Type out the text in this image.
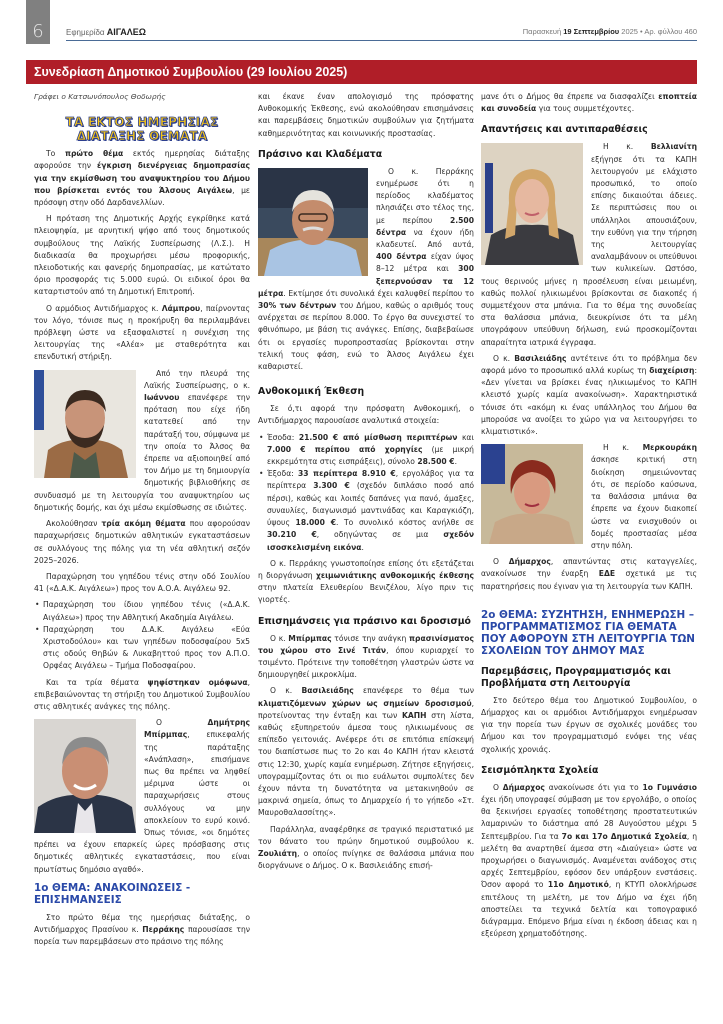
6	Εφημερίδα ΑΙΓΑΛΕΩ	Παρασκευή 19 Σεπτεμβρίου 2025 • Αρ. φύλλου 460
Συνεδρίαση Δημοτικού Συμβουλίου (29 Ιουλίου 2025)
Γράφει ο Κατσωνόπουλος Θοδωρής
ΤΑ ΕΚΤΟΣ ΗΜΕΡΗΣΙΑΣ ΔΙΑΤΑΞΗΣ ΘΕΜΑΤΑ

Το πρώτο θέμα εκτός ημερησίας διάταξης αφορούσε την έγκριση διενέργειας δημοπρασίας για την εκμίσθωση του αναψυκτηρίου του Δήμου που βρίσκεται εντός του Άλσους Αιγάλεω, με πρόσοψη στην οδό Δαρδανελλίων.

Η πρόταση της Δημοτικής Αρχής εγκρίθηκε κατά πλειοψηφία, με αρνητική ψήφο από τους δημοτικούς συμβούλους της Λαϊκής Συσπείρωσης (Λ.Σ.). Η διαδικασία θα προχωρήσει μέσω προφορικής, πλειοδοτικής και φανερής δημοπρασίας, με κατώτατο όριο προσφοράς τις 5.000 ευρώ. Οι ειδικοί όροι θα καταρτιστούν από τη Δημοτική Επιτροπή.

Ο αρμόδιος Αντιδήμαρχος κ. Λάμπρου, παίρνοντας τον λόγο, τόνισε πως η προκήρυξη θα περιλαμβάνει πρόβλεψη ώστε να εξασφαλιστεί η συνέχιση της λειτουργίας της «Αλέα» με σταθερότητα και επενδυτική στήριξη.

Από την πλευρά της Λαϊκής Συσπείρωσης, ο κ. Ιωάννου επανέφερε την πρόταση που είχε ήδη κατατεθεί από την παράταξή του, σύμφωνα με την οποία το Άλσος θα έπρεπε να αξιοποιηθεί από τον Δήμο με τη δημιουργία δημοτικής βιβλιοθήκης σε συνδυασμό με τη λειτουργία του αναψυκτηρίου ως δημοτικής δομής, και όχι μέσω εκμίσθωσης σε ιδιώτες.

Ακολούθησαν τρία ακόμη θέματα που αφορούσαν παραχωρήσεις δημοτικών αθλητικών εγκαταστάσεων σε συλλόγους της πόλης για τη νέα αθλητική σεζόν 2025–2026.

Παραχώρηση του γηπέδου τένις στην οδό Σουλίου 41 («Δ.Α.Κ. Αιγάλεω») προς τον Α.Ο.Α. Αιγάλεω 92.

• Παραχώρηση του ίδιου γηπέδου τένις («Δ.Α.Κ. Αιγάλεω») προς την Αθλητική Ακαδημία Αιγάλεω.
• Παραχώρηση του Δ.Α.Κ. Αιγάλεω «Εύα Χριστοδούλου» και των γηπέδων ποδοσφαίρου 5x5 στις οδούς Θηβών & Λυκαβηττού προς τον Α.Π.Ο. Ορφέας Αιγάλεω – Τμήμα Ποδοσφαίρου.

Και τα τρία θέματα ψηφίστηκαν ομόφωνα, επιβεβαιώνοντας τη στήριξη του Δημοτικού Συμβουλίου στις αθλητικές ανάγκες της πόλης.

Ο Δημήτρης Μπίρμπας, επικεφαλής της παράταξης «Ανάπλαση», επισήμανε πως θα πρέπει να ληφθεί μέριμνα ώστε οι παραχωρήσεις στους συλλόγους να μην αποκλείουν το ευρύ κοινό. Όπως τόνισε, «οι δημότες πρέπει να έχουν επαρκείς ώρες πρόσβασης στις δημοτικές αθλητικές εγκαταστάσεις, που είναι πρωτίστως δημόσιο αγαθό».

1ο ΘΕΜΑ: ΑΝΑΚΟΙΝΩΣΕΙΣ - ΕΠΙΣΗΜΑΝΣΕΙΣ

Στο πρώτο θέμα της ημερήσιας διάταξης, ο Αντιδήμαρχος Πρασίνου κ. Περράκης παρουσίασε την πορεία των παρεμβάσεων στο πράσινο της πόλης

και έκανε έναν απολογισμό της πρόσφατης Ανθοκομικής Έκθεσης, ενώ ακολούθησαν επισημάνσεις και παρεμβάσεις δημοτικών συμβούλων για ζητήματα καθημερινότητας και κοινωνικής προστασίας.

Πράσινο και Κλαδέματα

Ο κ. Περράκης ενημέρωσε ότι η περίοδος κλαδέματος πλησιάζει στο τέλος της, με περίπου 2.500 δέντρα να έχουν ήδη κλαδευτεί. Από αυτά, 400 δέντρα είχαν ύψος 8–12 μέτρα και 300 ξεπερνούσαν τα 12 μέτρα. Εκτίμησε ότι συνολικά έχει καλυφθεί περίπου το 30% των δέντρων του Δήμου, καθώς ο αριθμός τους ανέρχεται σε περίπου 8.000. Το έργο θα συνεχιστεί το φθινόπωρο, με βάση τις ανάγκες. Επίσης, διαβεβαίωσε ότι οι εργασίες πυροπροστασίας βρίσκονται στην τελική τους φάση, ενώ το Άλσος Αιγάλεω έχει καθαριστεί.

Ανθοκομική Έκθεση

Σε ό,τι αφορά την πρόσφατη Ανθοκομική, ο Αντιδήμαρχος παρουσίασε αναλυτικά στοιχεία:

• Έσοδα: 21.500 € από μίσθωση περιπτέρων και 7.000 € περίπου από χορηγίες (με μικρή εκκρεμότητα στις εισπράξεις), σύνολο 28.500 €.
• Έξοδα: 33 περίπτερα 8.910 €, εργολάβος για τα περίπτερα 3.300 € (σχεδόν διπλάσιο ποσό από πέρσι), καθώς και λοιπές δαπάνες για πανό, άμαξες, συναυλίες, διαγωνισμό μαντινάδας και Καραγκιόζη, ύψους 18.000 €. Το συνολικό κόστος ανήλθε σε 30.210 €, οδηγώντας σε μια σχεδόν ισοσκελισμένη εικόνα.

Ο κ. Περράκης γνωστοποίησε επίσης ότι εξετάζεται η διοργάνωση χειμωνιάτικης ανθοκομικής έκθεσης στην πλατεία Ελευθερίου Βενιζέλου, λίγο πριν τις γιορτές.

Επισημάνσεις για πράσινο και δροσισμό

Ο κ. Μπίρμπας τόνισε την ανάγκη πρασινίσματος του χώρου στο Σινέ Τιτάν, όπου κυριαρχεί το τσιμέντο. Πρότεινε την τοποθέτηση γλαστρών ώστε να δημιουργηθεί μικροκλίμα.

Ο κ. Βασιλειάδης επανέφερε το θέμα των κλιματιζόμενων χώρων ως σημείων δροσισμού, προτείνοντας την ένταξη και των ΚΑΠΗ στη λίστα, καθώς εξυπηρετούν άμεσα τους ηλικιωμένους σε επίπεδο γειτονιάς. Ανέφερε ότι σε επιτόπια επίσκεψή του διαπίστωσε πως το 2ο και 4ο ΚΑΠΗ ήταν κλειστά στις 12:30, χωρίς καμία ενημέρωση. Ζήτησε εξηγήσεις, υπογραμμίζοντας ότι οι πιο ευάλωτοι συμπολίτες δεν έχουν πάντα τη δυνατότητα να μετακινηθούν σε μακρινά σημεία, όπως το Δημαρχείο ή το γήπεδο «Στ. Μαυροθαλασσίτης».

Παράλληλα, αναφέρθηκε σε τραγικό περιστατικό με τον θάνατο του πρώην δημοτικού συμβούλου κ. Ζουλιάτη, ο οποίος πνίγηκε σε θαλάσσια μπάνια που διοργάνωνε ο Δήμος. Ο κ. Βασιλειάδης επισή-

μανε ότι ο Δήμος θα έπρεπε να διασφαλίζει εποπτεία και συνοδεία για τους συμμετέχοντες.

Απαντήσεις και αντιπαραθέσεις

Η κ. Βελλιανίτη εξήγησε ότι τα ΚΑΠΗ λειτουργούν με ελάχιστο προσωπικό, το οποίο επίσης δικαιούται άδειες. Σε περιπτώσεις που οι υπάλληλοι απουσιάζουν, την ευθύνη για την τήρηση της λειτουργίας αναλαμβάνουν οι υπεύθυνοι των κυλικείων. Ωστόσο, τους θερινούς μήνες η προσέλευση είναι μειωμένη, καθώς πολλοί ηλικιωμένοι βρίσκονται σε διακοπές ή συμμετέχουν στα μπάνια. Για το θέμα της συνοδείας στα θαλάσσια μπάνια, διευκρίνισε ότι τα μέλη υπογράφουν υπεύθυνη δήλωση, ενώ προσκομίζονται απαραίτητα ιατρικά έγγραφα.

Ο κ. Βασιλειάδης αντέτεινε ότι το πρόβλημα δεν αφορά μόνο το προσωπικό αλλά κυρίως τη διαχείριση: «Δεν γίνεται να βρίσκει ένας ηλικιωμένος το ΚΑΠΗ κλειστό χωρίς καμία ανακοίνωση». Χαρακτηριστικά τόνισε ότι «ακόμη κι ένας υπάλληλος του Δήμου θα μπορούσε να ανοίξει το χώρο για να λειτουργήσει το κλιματιστικό».

Η κ. Μερκουράκη άσκησε κριτική στη διοίκηση σημειώνοντας ότι, σε περίοδο καύσωνα, τα θαλάσσια μπάνια θα έπρεπε να έχουν διακοπεί ώστε να ενισχυθούν οι δομές προστασίας μέσα στην πόλη.

Ο Δήμαρχος, απαντώντας στις καταγγελίες, ανακοίνωσε την έναρξη ΕΔΕ σχετικά με τις παρατηρήσεις που έγιναν για τη λειτουργία των ΚΑΠΗ.

2ο ΘΕΜΑ: ΣΥΖΗΤΗΣΗ, ΕΝΗΜΕΡΩΣΗ – ΠΡΟΓΡΑΜΜΑΤΙΣΜΟΣ ΓΙΑ ΘΕΜΑΤΑ ΠΟΥ ΑΦΟΡΟΥΝ ΣΤΗ ΛΕΙΤΟΥΡΓΙΑ ΤΩΝ ΣΧΟΛΕΙΩΝ ΤΟΥ ΔΗΜΟΥ ΜΑΣ
Παρεμβάσεις, Προγραμματισμός και Προβλήματα στη Λειτουργία

Στο δεύτερο θέμα του Δημοτικού Συμβουλίου, ο Δήμαρχος και οι αρμόδιοι Αντιδήμαρχοι ενημέρωσαν για την πορεία των έργων σε σχολικές μονάδες του Δήμου και τον προγραμματισμό ενόψει της νέας σχολικής χρονιάς.

Σεισμόπληκτα Σχολεία

Ο Δήμαρχος ανακοίνωσε ότι για το 1ο Γυμνάσιο έχει ήδη υπογραφεί σύμβαση με τον εργολάβο, ο οποίος θα ξεκινήσει εργασίες τοποθέτησης προστατευτικών λαμαρινών το διάστημα από 28 Αυγούστου μέχρι 5 Σεπτεμβρίου. Για τα 7ο και 17ο Δημοτικά Σχολεία, η μελέτη θα αναρτηθεί άμεσα στη «Διαύγεια» ώστε να προχωρήσει ο διαγωνισμός. Αναμένεται ανάδοχος στις αρχές Σεπτεμβρίου, εφόσον δεν υπάρξουν ενστάσεις. Όσον αφορά το 11ο Δημοτικό, η ΚΤΥΠ ολοκλήρωσε επιτέλους τη μελέτη, με τον Δήμο να έχει ήδη αποστείλει τα τεχνικά δελτία και τοπογραφικό διάγραμμα. Επόμενο βήμα είναι η έκδοση άδειας και η εξεύρεση χρηματοδότησης.
